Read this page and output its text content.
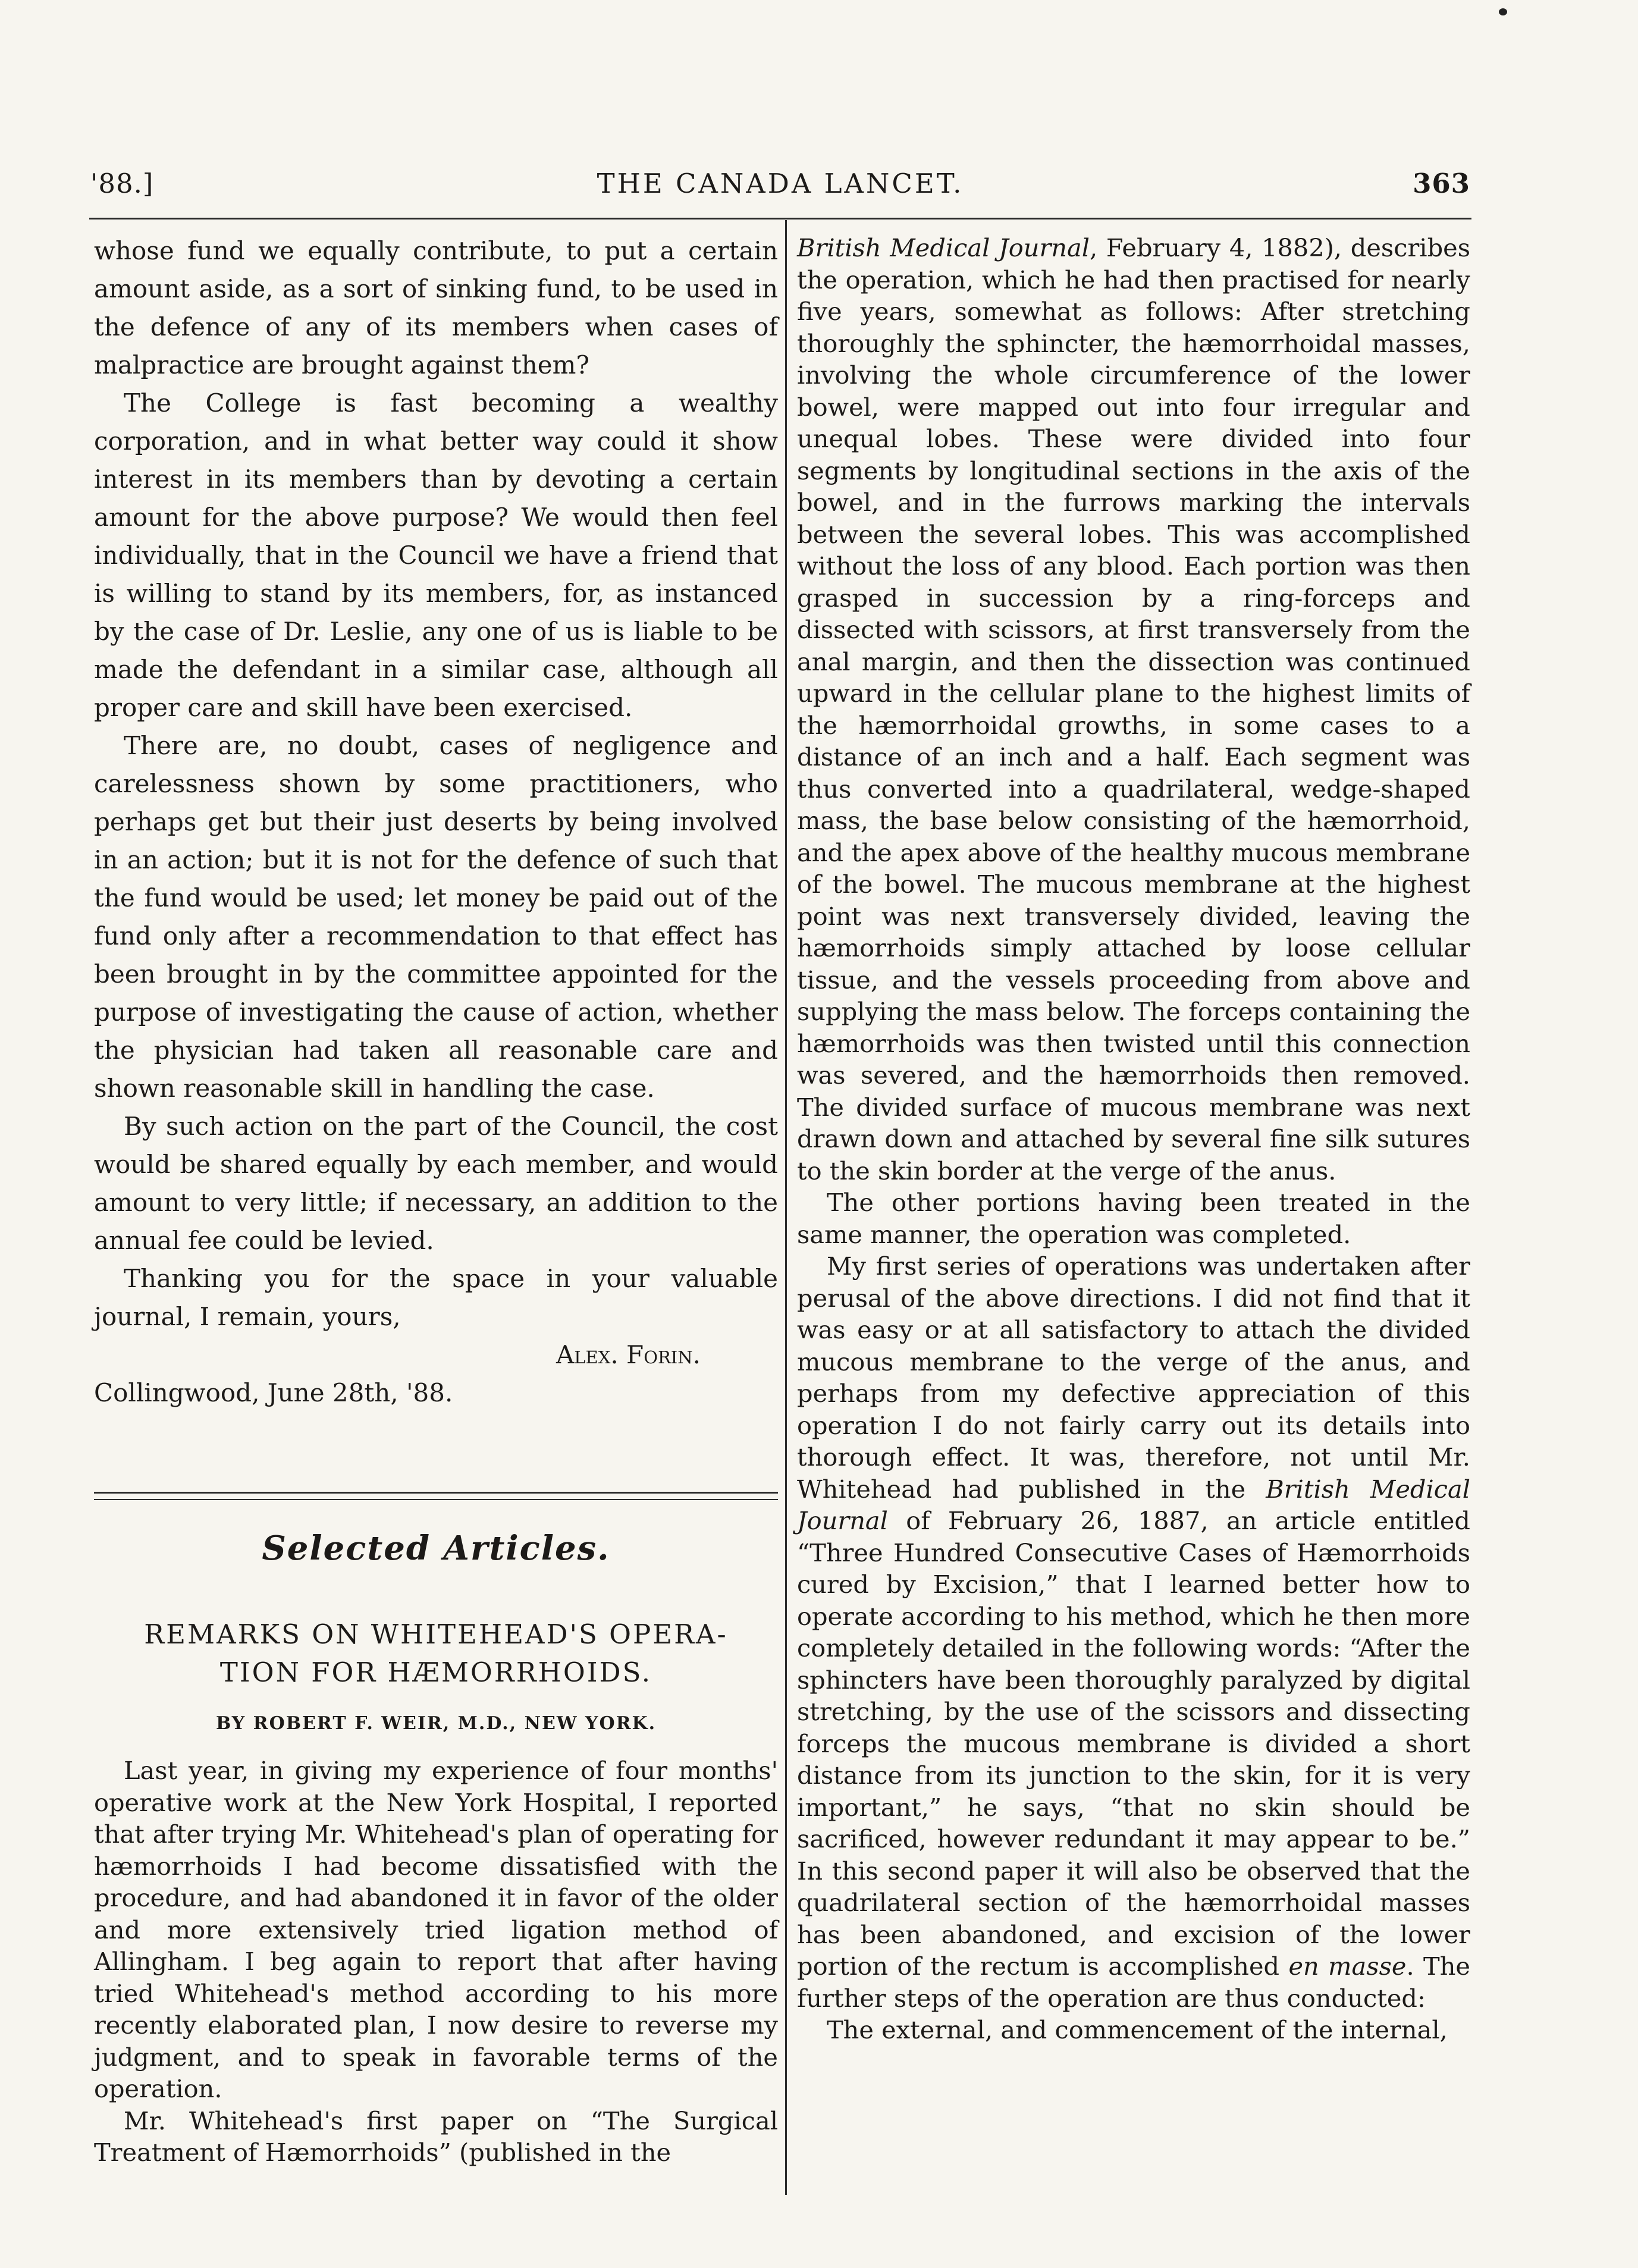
'88.]	THE CANADA LANCET.	363

whose fund we equally contribute, to put a certain amount aside, as a sort of sinking fund, to be used in the defence of any of its members when cases of malpractice are brought against them?

The College is fast becoming a wealthy corporation, and in what better way could it show interest in its members than by devoting a certain amount for the above purpose? We would then feel individually, that in the Council we have a friend that is willing to stand by its members, for, as instanced by the case of Dr. Leslie, any one of us is liable to be made the defendant in a similar case, although all proper care and skill have been exercised.

There are, no doubt, cases of negligence and carelessness shown by some practitioners, who perhaps get but their just deserts by being involved in an action; but it is not for the defence of such that the fund would be used; let money be paid out of the fund only after a recommendation to that effect has been brought in by the committee appointed for the purpose of investigating the cause of action, whether the physician had taken all reasonable care and shown reasonable skill in handling the case.

By such action on the part of the Council, the cost would be shared equally by each member, and would amount to very little; if necessary, an addition to the annual fee could be levied.

Thanking you for the space in your valuable journal, I remain, yours,

Alex. Forin.

Collingwood, June 28th, '88.

Selected Articles.
REMARKS ON WHITEHEAD'S OPERA-
TION FOR HÆMORRHOIDS.
BY ROBERT F. WEIR, M.D., NEW YORK.

Last year, in giving my experience of four months' operative work at the New York Hospital, I reported that after trying Mr. Whitehead's plan of operating for hæmorrhoids I had become dissatisfied with the procedure, and had abandoned it in favor of the older and more extensively tried ligation method of Allingham. I beg again to report that after having tried Whitehead's method according to his more recently elaborated plan, I now desire to reverse my judgment, and to speak in favorable terms of the operation.

Mr. Whitehead's first paper on “The Surgical Treatment of Hæmorrhoids” (published in the

British Medical Journal, February 4, 1882), describes the operation, which he had then practised for nearly five years, somewhat as follows: After stretching thoroughly the sphincter, the hæmorrhoidal masses, involving the whole circumference of the lower bowel, were mapped out into four irregular and unequal lobes. These were divided into four segments by longitudinal sections in the axis of the bowel, and in the furrows marking the intervals between the several lobes. This was accomplished without the loss of any blood. Each portion was then grasped in succession by a ring-forceps and dissected with scissors, at first transversely from the anal margin, and then the dissection was continued upward in the cellular plane to the highest limits of the hæmorrhoidal growths, in some cases to a distance of an inch and a half. Each segment was thus converted into a quadrilateral, wedge-shaped mass, the base below consisting of the hæmorrhoid, and the apex above of the healthy mucous membrane of the bowel. The mucous membrane at the highest point was next transversely divided, leaving the hæmorrhoids simply attached by loose cellular tissue, and the vessels proceeding from above and supplying the mass below. The forceps containing the hæmorrhoids was then twisted until this connection was severed, and the hæmorrhoids then removed. The divided surface of mucous membrane was next drawn down and attached by several fine silk sutures to the skin border at the verge of the anus.

The other portions having been treated in the same manner, the operation was completed.

My first series of operations was undertaken after perusal of the above directions. I did not find that it was easy or at all satisfactory to attach the divided mucous membrane to the verge of the anus, and perhaps from my defective appreciation of this operation I do not fairly carry out its details into thorough effect. It was, therefore, not until Mr. Whitehead had published in the British Medical Journal of February 26, 1887, an article entitled “Three Hundred Consecutive Cases of Hæmorrhoids cured by Excision,” that I learned better how to operate according to his method, which he then more completely detailed in the following words: “After the sphincters have been thoroughly paralyzed by digital stretching, by the use of the scissors and dissecting forceps the mucous membrane is divided a short distance from its junction to the skin, for it is very important,” he says, “that no skin should be sacrificed, however redundant it may appear to be.” In this second paper it will also be observed that the quadrilateral section of the hæmorrhoidal masses has been abandoned, and excision of the lower portion of the rectum is accomplished en masse. The further steps of the operation are thus conducted:

The external, and commencement of the internal,
